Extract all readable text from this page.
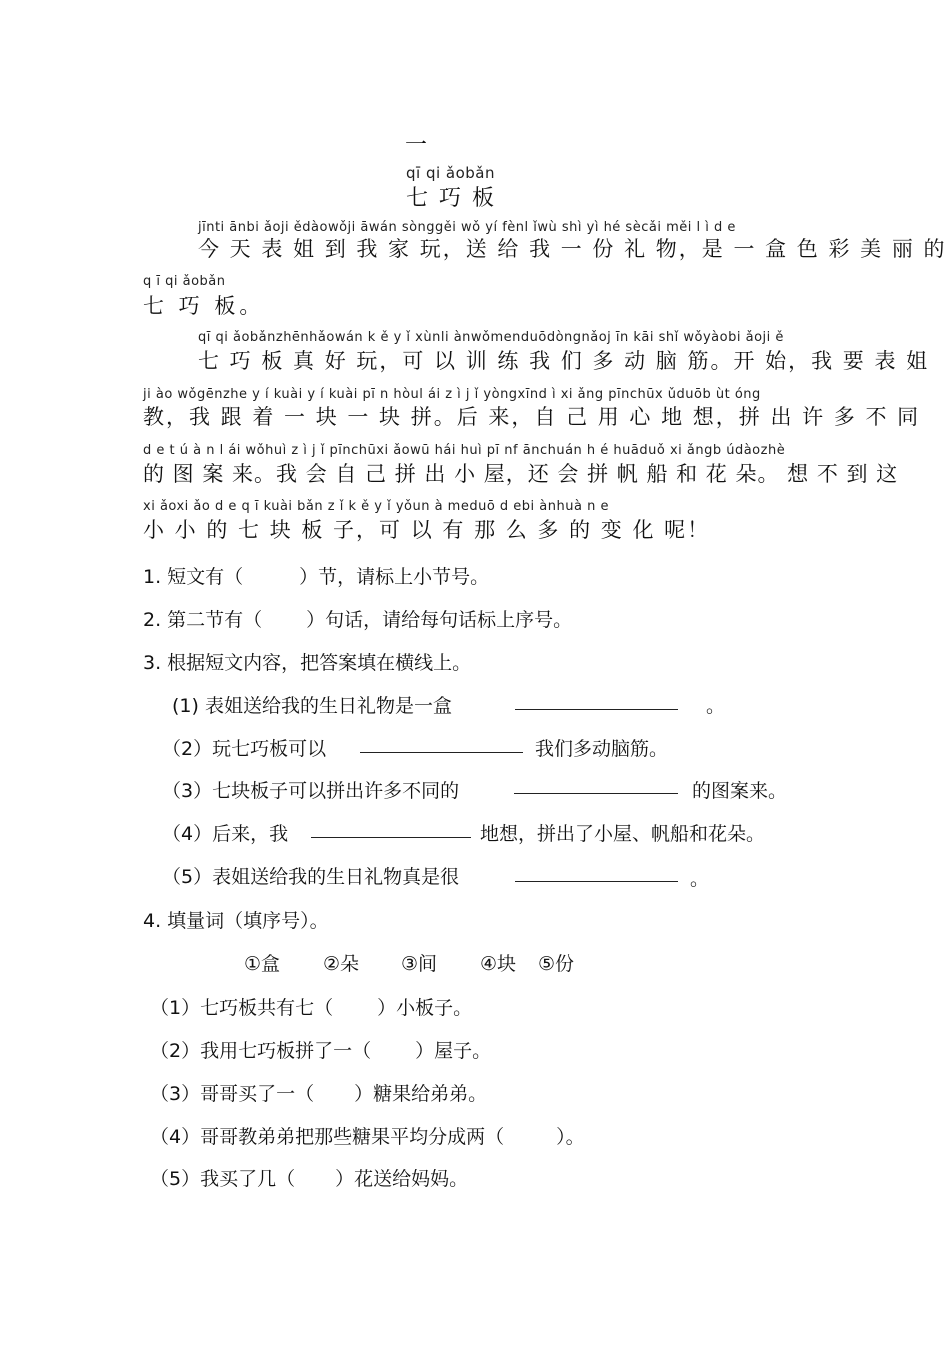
一
qī qi ǎobǎn
七 巧 板
jīnti ānbi ǎoji ědàowǒji āwán sònggěi wǒ yí fènl ǐwù shì yì hé sècǎi měi l ì d e
今 天 表 姐 到 我 家 玩，送 给 我 一 份 礼 物，是 一 盒 色 彩 美 丽 的
q ī qi ǎobǎn
七 巧 板。
qī qi ǎobǎnzhēnhǎowán k ě y ǐ xùnli ànwǒmenduōdòngnǎoj īn kāi shǐ wǒyàobi ǎoji ě
七 巧 板 真 好 玩，可 以 训 练 我 们 多 动 脑 筋。开 始，我 要 表 姐
ji ào wǒgēnzhe y í kuài y í kuài pī n hòul ái z ì j ǐ yòngxīnd ì xi ǎng pīnchūx ǔduōb ùt óng
教，我 跟 着 一 块 一 块 拼。后 来，自 己 用 心 地 想，拼 出 许 多 不 同
d e t ú à n l ái wǒhuì z ì j ǐ pīnchūxi ǎowū hái huì pī nf ānchuán h é huāduǒ xi ǎngb údàozhè
的 图 案 来。我 会 自 己 拼 出 小 屋，还 会 拼 帆 船 和 花 朵。 想 不 到 这
xi ǎoxi ǎo d e q ī kuài bǎn z ǐ k ě y ǐ yǒun à meduō d ebi ànhuà n e
小 小 的 七 块 板 子，可 以 有 那 么 多 的 变 化 呢！
1. 短文有（	）节，请标上小节号。
2. 第二节有（ ）句话，请给每句话标上序号。
3. 根据短文内容，把答案填在横线上。
(1) 表姐送给我的生日礼物是一盒	。
（2）玩七巧板可以	我们多动脑筋。
（3）七块板子可以拼出许多不同的	的图案来。
（4）后来，我	地想，拼出了小屋、帆船和花朵。
（5）表姐送给我的生日礼物真是很	。
4. 填量词（填序号）。
①盒 ②朵 ③间 ④块 ⑤份
（1）七巧板共有七（ ）小板子。
（2）我用七巧板拼了一（ ）屋子。
（3）哥哥买了一（ ）糖果给弟弟。
（4）哥哥教弟弟把那些糖果平均分成两（	）。
（5）我买了几（ ）花送给妈妈。
